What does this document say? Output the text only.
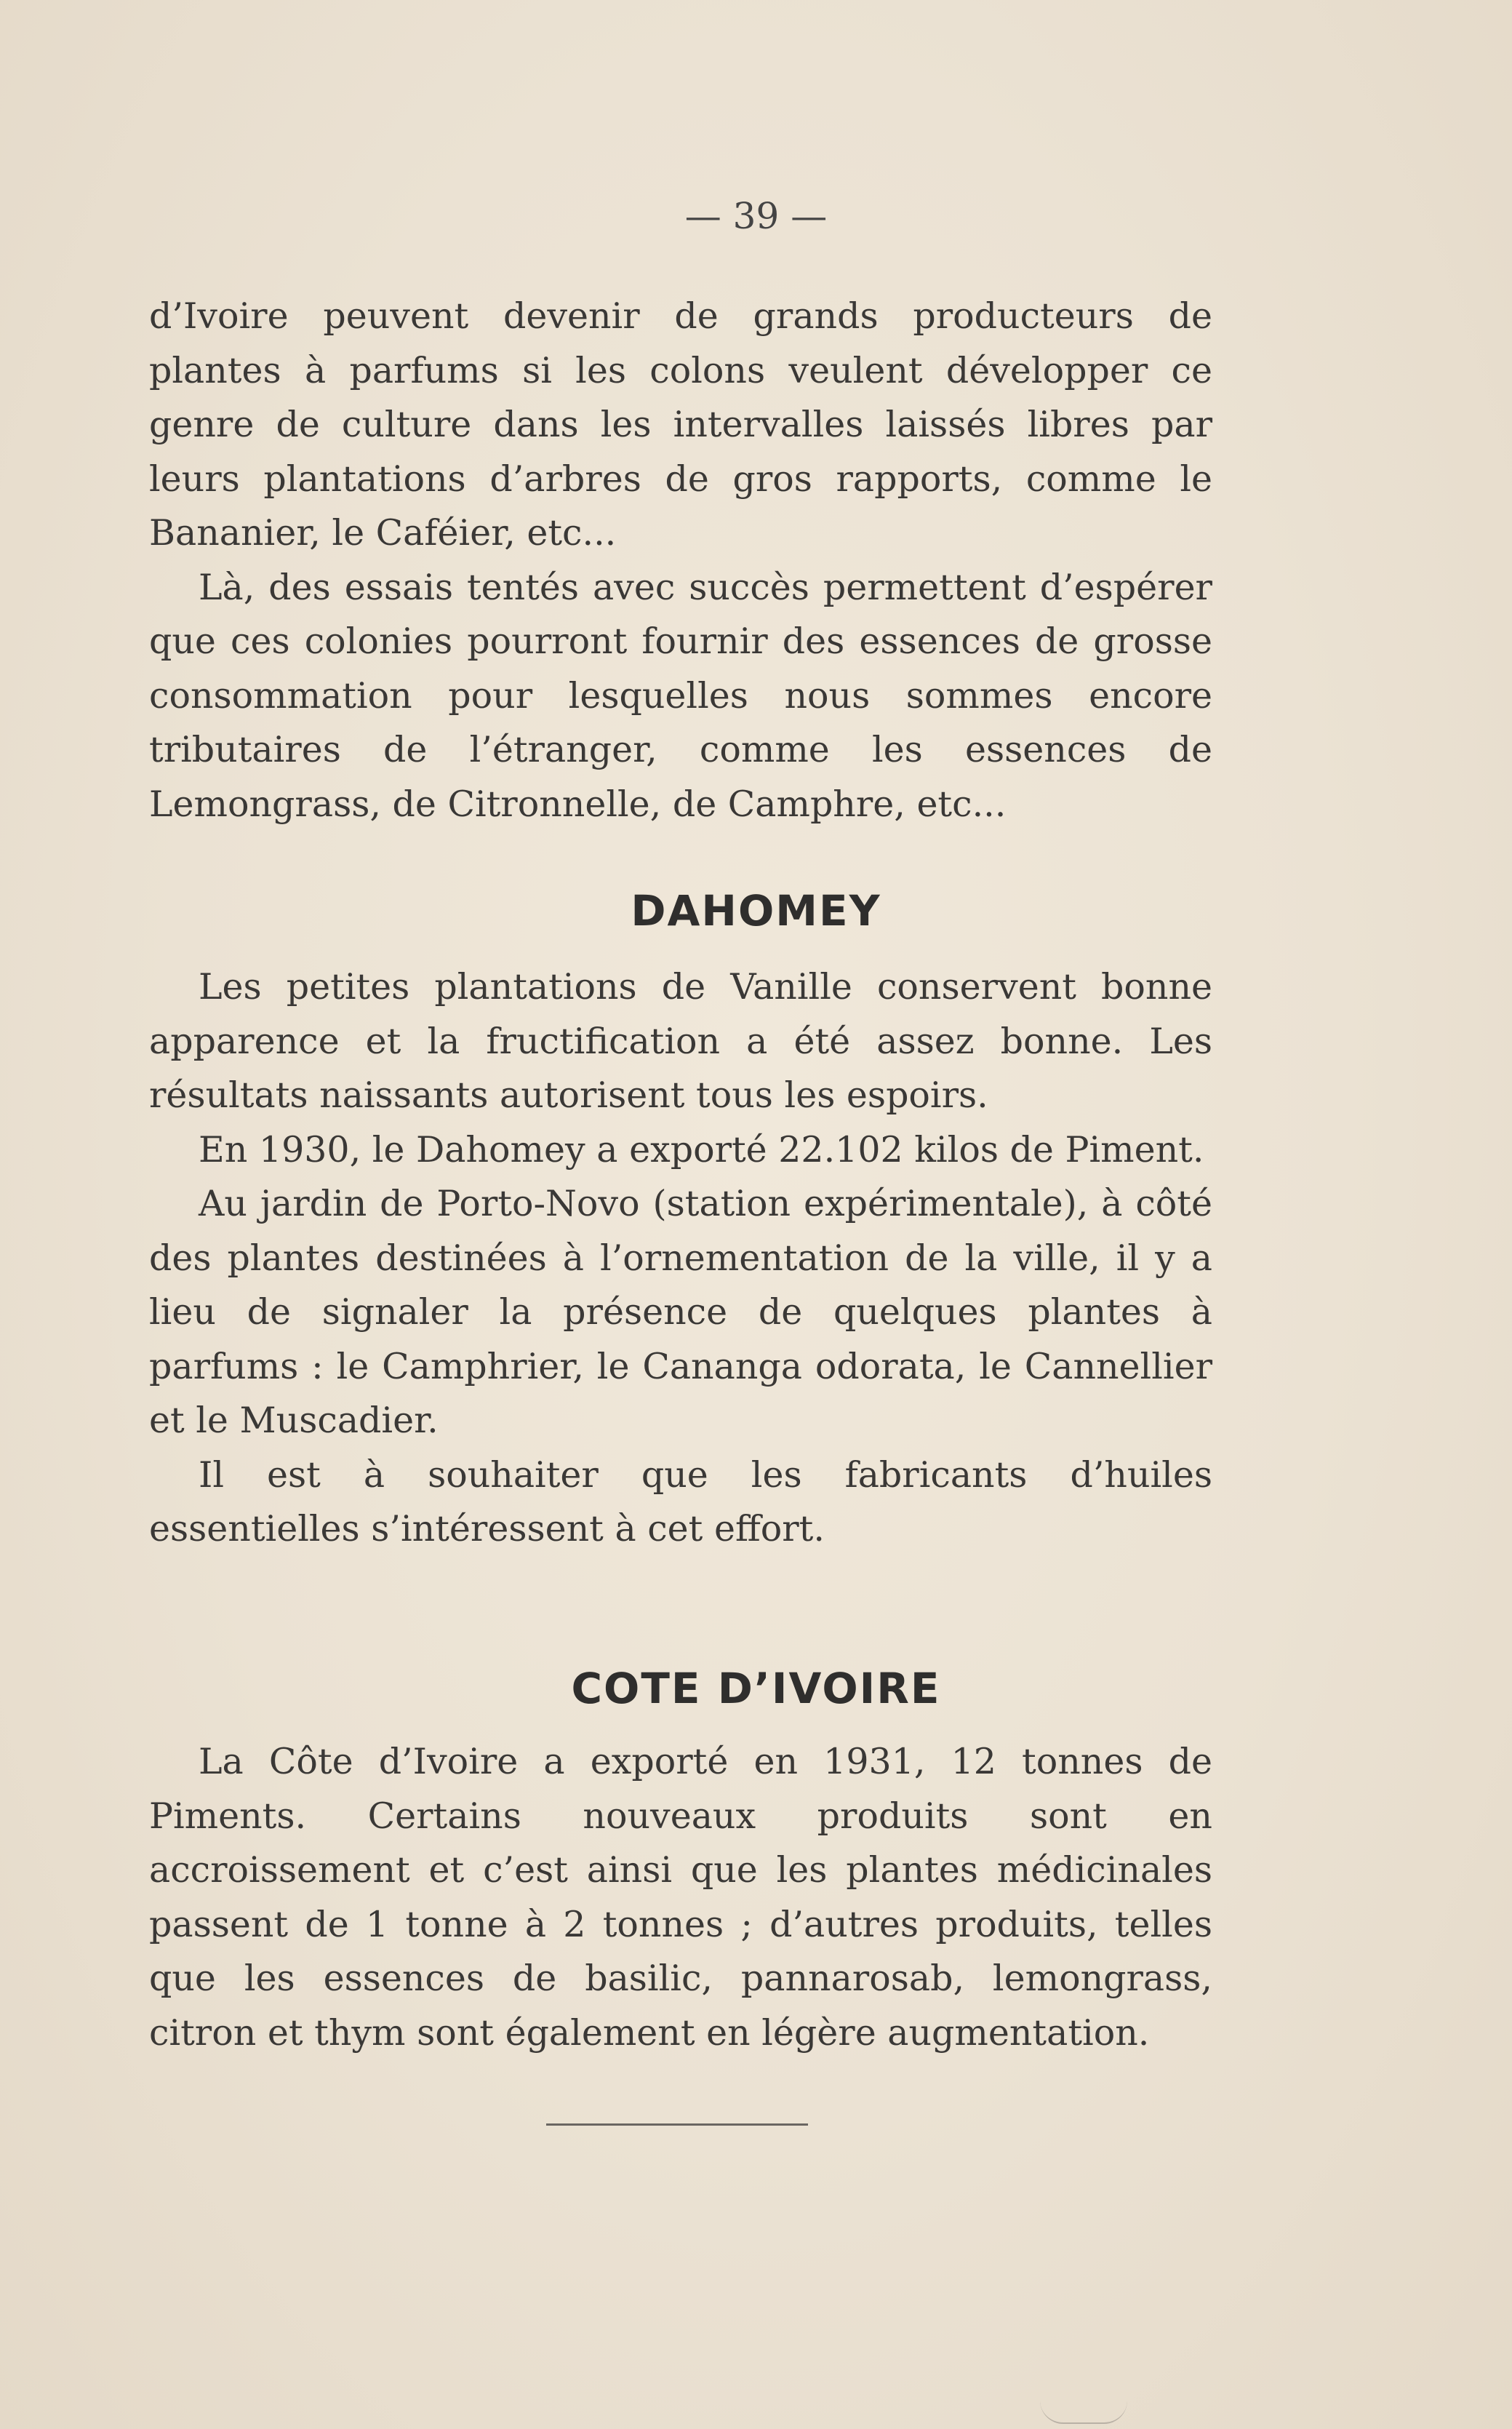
— 39 —

d’Ivoire peuvent devenir de grands producteurs de plantes à parfums si les colons veulent développer ce genre de culture dans les intervalles laissés libres par leurs plantations d’arbres de gros rapports, comme le Bananier, le Caféier, etc...

Là, des essais tentés avec succès permettent d’espérer que ces colonies pourront fournir des essences de grosse consommation pour lesquelles nous sommes encore tributaires de l’étranger, comme les essences de Lemongrass, de Citronnelle, de Camphre, etc...

DAHOMEY

Les petites plantations de Vanille conservent bonne apparence et la fructification a été assez bonne. Les résultats naissants autorisent tous les espoirs.

En 1930, le Dahomey a exporté 22.102 kilos de Piment.

Au jardin de Porto-Novo (station expérimentale), à côté des plantes destinées à l’ornementation de la ville, il y a lieu de signaler la présence de quelques plantes à parfums : le Camphrier, le Cananga odorata, le Cannellier et le Muscadier.

Il est à souhaiter que les fabricants d’huiles essentielles s’intéressent à cet effort.

COTE D’IVOIRE

La Côte d’Ivoire a exporté en 1931, 12 tonnes de Piments. Certains nouveaux produits sont en accroissement et c’est ainsi que les plantes médicinales passent de 1 tonne à 2 tonnes ; d’autres produits, telles que les essences de basilic, pannarosab, lemongrass, citron et thym sont également en légère augmentation.
